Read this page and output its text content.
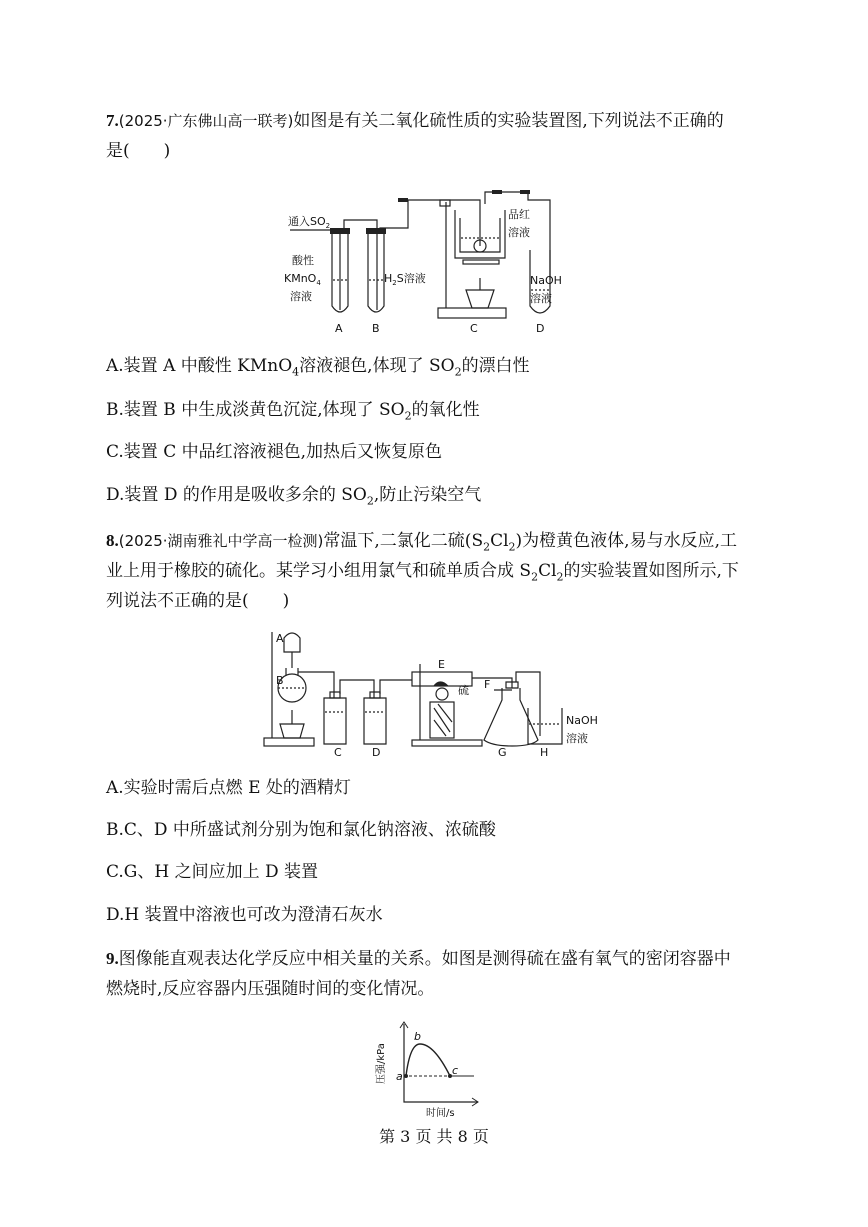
7.(2025·广东佛山高一联考)如图是有关二氧化硫性质的实验装置图,下列说法不正确的
是(　　)
通入$SO_2$
酸性
KMnO$_4$
溶液
$H_2S$溶液
品红
溶液
NaOH
溶液
A	B	C	D
A.装置 A 中酸性 KMnO$_4$溶液褪色,体现了 $SO_2$的漂白性
B.装置 B 中生成淡黄色沉淀,体现了 $SO_2$的氧化性
C.装置 C 中品红溶液褪色,加热后又恢复原色
D.装置 D 的作用是吸收多余的 $SO_2$,防止污染空气
8.(2025·湖南雅礼中学高一检测)常温下,二氯化二硫$(S_2Cl_2)$为橙黄色液体,易与水反应,工
业上用于橡胶的硫化。某学习小组用氯气和硫单质合成 $S_2Cl_2$的实验装置如图所示,下
列说法不正确的是(　　)
A
B
C	D
E
F
G	H
硫
NaOH
溶液
A.实验时需后点燃 E 处的酒精灯
B.C、D 中所盛试剂分别为饱和氯化钠溶液、浓硫酸
C.G、H 之间应加上 D 装置
D.H 装置中溶液也可改为澄清石灰水
9.图像能直观表达化学反应中相关量的关系。如图是测得硫在盛有氧气的密闭容器中
燃烧时,反应容器内压强随时间的变化情况。
a
b
c
压强/kPa
时间/s
第 3 页 共 8 页
